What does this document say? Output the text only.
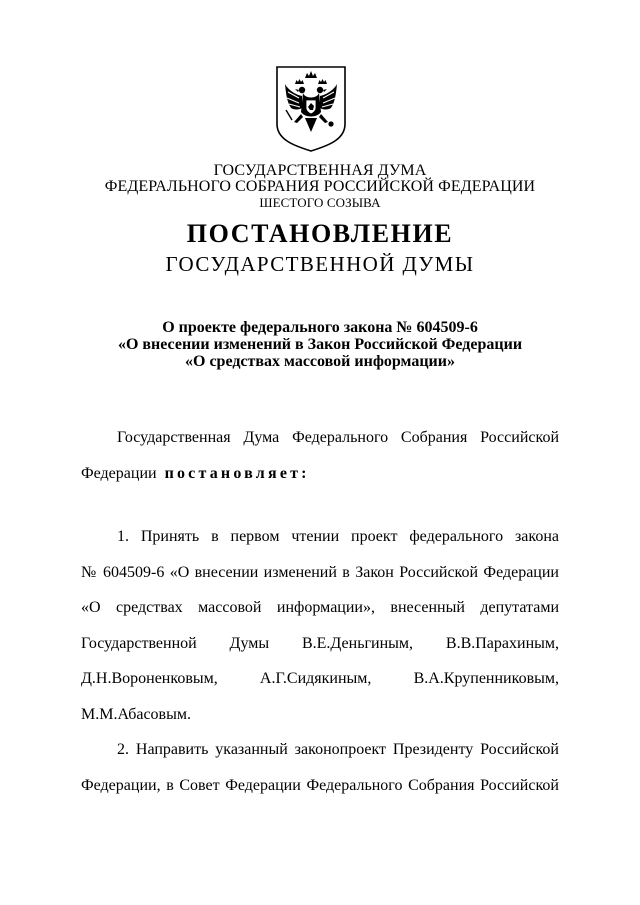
ГОСУДАРСТВЕННАЯ ДУМА
ФЕДЕРАЛЬНОГО СОБРАНИЯ РОССИЙСКОЙ ФЕДЕРАЦИИ
ШЕСТОГО СОЗЫВА
ПОСТАНОВЛЕНИЕ
ГОСУДАРСТВЕННОЙ ДУМЫ
О проекте федерального закона № 604509-6
«О внесении изменений в Закон Российской Федерации
«О средствах массовой информации»
Государственная Дума Федерального Собрания Российской
Федерации постановляет:
1. Принять в первом чтении проект федерального закона
№ 604509-6 «О внесении изменений в Закон Российской Федерации
«О средствах массовой информации», внесенный депутатами
Государственной Думы В.Е.Деньгиным, В.В.Парахиным,
Д.Н.Вороненковым, А.Г.Сидякиным, В.А.Крупенниковым,
М.М.Абасовым.
2. Направить указанный законопроект Президенту Российской
Федерации, в Совет Федерации Федерального Собрания Российской
